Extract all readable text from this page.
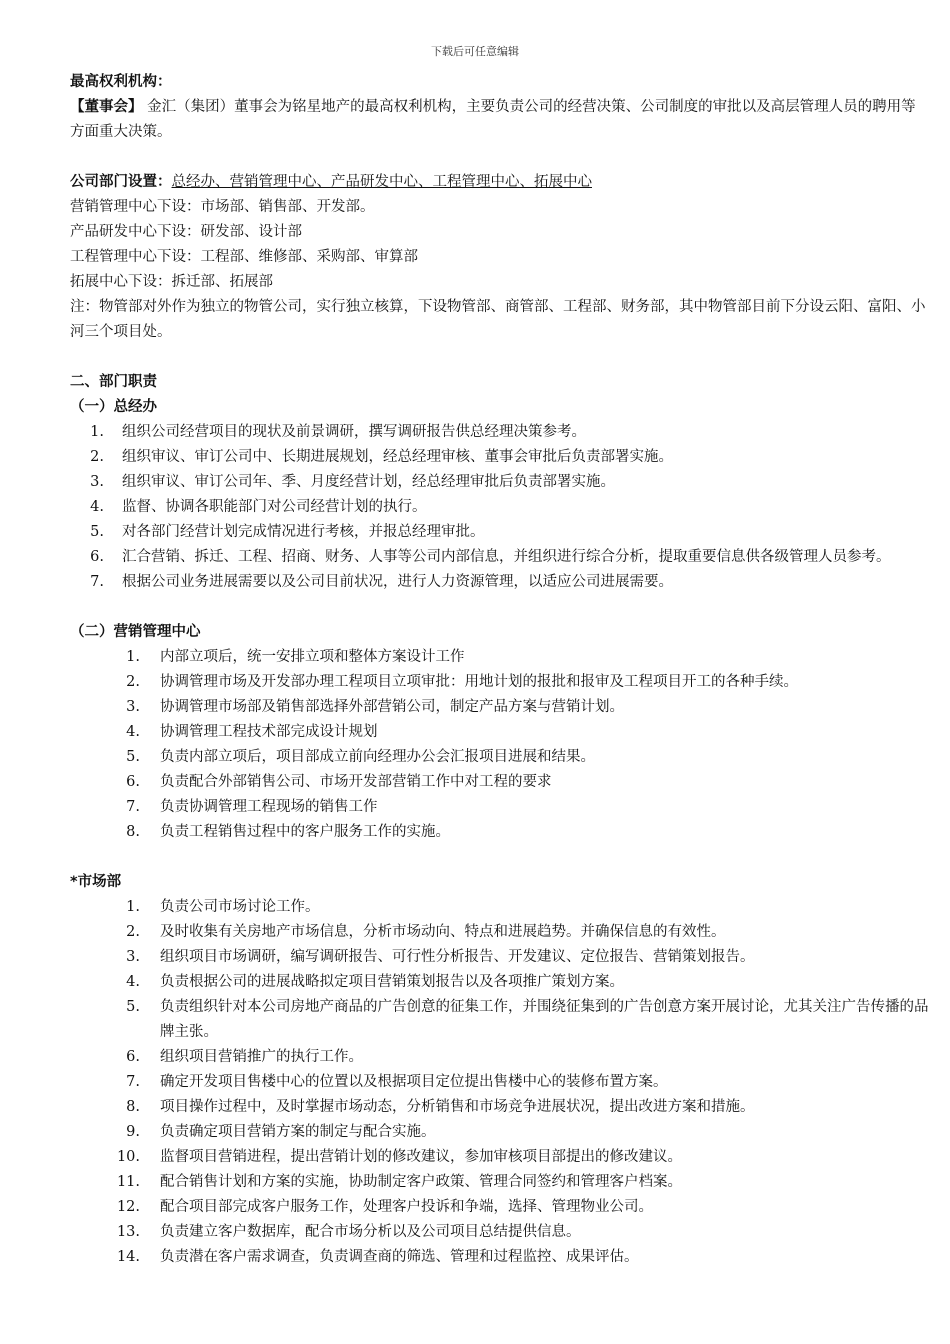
下载后可任意编辑

最高权利机构：

【董事会】 金汇（集团）董事会为铭星地产的最高权利机构，主要负责公司的经营决策、公司制度的审批以及高层管理人员的聘用等方面重大决策。

公司部门设置：总经办、营销管理中心、产品研发中心、工程管理中心、拓展中心

营销管理中心下设：市场部、销售部、开发部。

产品研发中心下设：研发部、设计部

工程管理中心下设：工程部、维修部、采购部、审算部

拓展中心下设：拆迁部、拓展部

注：物管部对外作为独立的物管公司，实行独立核算，下设物管部、商管部、工程部、财务部，其中物管部目前下分设云阳、富阳、小河三个项目处。

二、部门职责

（一）总经办

1. 组织公司经营项目的现状及前景调研，撰写调研报告供总经理决策参考。
2. 组织审议、审订公司中、长期进展规划，经总经理审核、董事会审批后负责部署实施。
3. 组织审议、审订公司年、季、月度经营计划，经总经理审批后负责部署实施。
4. 监督、协调各职能部门对公司经营计划的执行。
5. 对各部门经营计划完成情况进行考核，并报总经理审批。
6. 汇合营销、拆迁、工程、招商、财务、人事等公司内部信息，并组织进行综合分析，提取重要信息供各级管理人员参考。
7. 根据公司业务进展需要以及公司目前状况，进行人力资源管理，以适应公司进展需要。

（二）营销管理中心

1. 内部立项后，统一安排立项和整体方案设计工作
2. 协调管理市场及开发部办理工程项目立项审批：用地计划的报批和报审及工程项目开工的各种手续。
3. 协调管理市场部及销售部选择外部营销公司，制定产品方案与营销计划。
4. 协调管理工程技术部完成设计规划
5. 负责内部立项后，项目部成立前向经理办公会汇报项目进展和结果。
6. 负责配合外部销售公司、市场开发部营销工作中对工程的要求
7. 负责协调管理工程现场的销售工作
8. 负责工程销售过程中的客户服务工作的实施。

*市场部

1. 负责公司市场讨论工作。
2. 及时收集有关房地产市场信息，分析市场动向、特点和进展趋势。并确保信息的有效性。
3. 组织项目市场调研，编写调研报告、可行性分析报告、开发建议、定位报告、营销策划报告。
4. 负责根据公司的进展战略拟定项目营销策划报告以及各项推广策划方案。
5. 负责组织针对本公司房地产商品的广告创意的征集工作，并围绕征集到的广告创意方案开展讨论，尤其关注广告传播的品牌主张。
6. 组织项目营销推广的执行工作。
7. 确定开发项目售楼中心的位置以及根据项目定位提出售楼中心的装修布置方案。
8. 项目操作过程中，及时掌握市场动态，分析销售和市场竞争进展状况，提出改进方案和措施。
9. 负责确定项目营销方案的制定与配合实施。
10. 监督项目营销进程，提出营销计划的修改建议，参加审核项目部提出的修改建议。
11. 配合销售计划和方案的实施，协助制定客户政策、管理合同签约和管理客户档案。
12. 配合项目部完成客户服务工作，处理客户投诉和争端，选择、管理物业公司。
13. 负责建立客户数据库，配合市场分析以及公司项目总结提供信息。
14. 负责潜在客户需求调查，负责调查商的筛选、管理和过程监控、成果评估。
